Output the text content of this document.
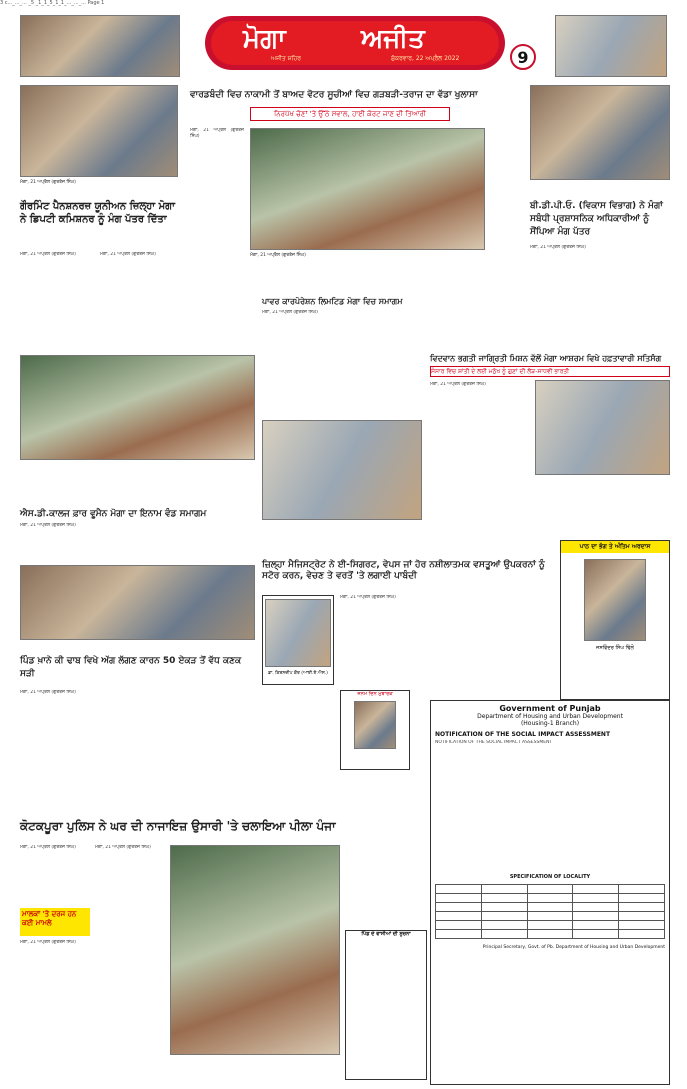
3 c..._..._... _5 _1_1_5_1_1_..._..._... Page 1
ਮੋਗਾ	ਅਜੀਤ
ਅਜੀਤ ਸ਼ਹਿਰ	ਸ਼ੁੱਕਰਵਾਰ, 22 ਅਪ੍ਰੈਲ 2022	9
ਵਾਰਡਬੰਦੀ ਵਿਚ ਨਾਕਾਮੀ ਤੋਂ ਬਾਅਦ ਵੋਟਰ ਸੂਚੀਆਂ ਵਿਚ ਗੜਬੜੀ-ਤਰਾਜ ਦਾ ਵੱਡਾ ਖੁਲਾਸਾ
ਨਿਰਪੱਖ ਚੋਣਾਂ 'ਤੇ ਉੱਠੇ ਸਵਾਲ, ਹਾਈ ਕੋਰਟ ਜਾਣ ਦੀ ਤਿਆਰੀ
ਮੋਗਾ, 21 ਅਪ੍ਰੈਲ (ਗੁਰਤੇਜ ਸਿੰਘ)
ਗੌਰਮਿੰਟ ਪੈਨਸ਼ਨਰਜ਼ ਯੂਨੀਅਨ ਜ਼ਿਲ੍ਹਾ ਮੋਗਾ ਨੇ ਡਿਪਟੀ ਕਮਿਸ਼ਨਰ ਨੂੰ ਮੰਗ ਪੱਤਰ ਦਿੱਤਾ
ਮੋਗਾ, 21 ਅਪ੍ਰੈਲ (ਗੁਰਤੇਜ ਸਿੰਘ)	ਮੋਗਾ, 21 ਅਪ੍ਰੈਲ (ਗੁਰਤੇਜ ਸਿੰਘ)
ਮੋਗਾ, 21 ਅਪ੍ਰੈਲ (ਗੁਰਤੇਜ ਸਿੰਘ)
ਮੋਗਾ, 21 ਅਪ੍ਰੈਲ (ਗੁਰਤੇਜ ਸਿੰਘ)
ਬੀ.ਡੀ.ਪੀ.ਓ. (ਵਿਕਾਸ ਵਿਭਾਗ) ਨੇ ਮੰਗਾਂ ਸਬੰਧੀ ਪ੍ਰਸ਼ਾਸਨਿਕ ਅਧਿਕਾਰੀਆਂ ਨੂੰ ਸੌਂਪਿਆ ਮੰਗ ਪੱਤਰ
ਮੋਗਾ, 21 ਅਪ੍ਰੈਲ (ਗੁਰਤੇਜ ਸਿੰਘ)
ਪਾਵਰ ਕਾਰਪੋਰੇਸ਼ਨ ਲਿਮਟਿਡ ਮੋਗਾ ਵਿਚ ਸਮਾਗਮ
ਮੋਗਾ, 21 ਅਪ੍ਰੈਲ (ਗੁਰਤੇਜ ਸਿੰਘ)
ਐਸ.ਡੀ.ਕਾਲਜ ਫ਼ਾਰ ਵੂਮੈਨ ਮੋਗਾ ਦਾ ਇਨਾਮ ਵੰਡ ਸਮਾਗਮ
ਮੋਗਾ, 21 ਅਪ੍ਰੈਲ (ਗੁਰਤੇਜ ਸਿੰਘ)
ਵਿਦਵਾਨ ਭਗਤੀ ਜਾਗ੍ਰਿਤੀ ਮਿਸ਼ਨ ਵੱਲੋਂ ਮੋਗਾ ਆਸ਼ਰਮ ਵਿਖੇ ਹਫ਼ਤਾਵਾਰੀ ਸਤਿਸੰਗ
ਸੰਸਾਰ ਵਿਚ ਸ਼ਾਂਤੀ ਦੇ ਲਈ ਮਨੁੱਖ ਨੂੰ ਗੁਣਾਂ ਦੀ ਲੋੜ-ਸਾਧਵੀ ਭਾਰਤੀ
ਮੋਗਾ, 21 ਅਪ੍ਰੈਲ (ਗੁਰਤੇਜ ਸਿੰਘ)
ਪਾਠ ਦਾ ਭੋਗ ਤੇ ਅੰਤਿਮ ਅਰਦਾਸ
ਜਸਵਿੰਦਰ ਸਿੰਘ ਢਿੱਲੋਂ
ਜ਼ਿਲ੍ਹਾ ਮੈਜਿਸਟ੍ਰੇਟ ਨੇ ਈ-ਸਿਗਰਟ, ਵੇਪਸ ਜਾਂ ਹੋਰ ਨਸ਼ੀਲਾਤਮਕ ਵਸਤੂਆਂ ਉਪਕਰਨਾਂ ਨੂੰ ਸਟੋਰ ਕਰਨ, ਵੇਚਣ ਤੇ ਵਰਤੋਂ 'ਤੇ ਲਗਾਈ ਪਾਬੰਦੀ
ਡਾ. ਕਿਰਨਦੀਪ ਕੌਰ (ਆਈ.ਏ.ਐਸ.)
ਮੋਗਾ, 21 ਅਪ੍ਰੈਲ (ਗੁਰਤੇਜ ਸਿੰਘ)
ਪਿੰਡ ਖ਼ਾਨੇ ਕੀ ਢਾਬ ਵਿਖੇ ਅੱਗ ਲੱਗਣ ਕਾਰਨ 50 ਏਕੜ ਤੋਂ ਵੱਧ ਕਣਕ ਸੜੀ
ਮੋਗਾ, 21 ਅਪ੍ਰੈਲ (ਗੁਰਤੇਜ ਸਿੰਘ)	ਜਨਮ ਦਿਨ ਮੁਬਾਰਕ
Government of Punjab
Department of Housing and Urban Development
(Housing-1 Branch)
NOTIFICATION OF THE SOCIAL IMPACT ASSESSMENT
NOTIFICATION OF THE SOCIAL IMPACT ASSESSMENT
SPECIFICATION OF LOCALITY

Principal Secretary, Govt. of Pb. Department of Housing and Urban Development
ਕੋਟਕਪੂਰਾ ਪੁਲਿਸ ਨੇ ਘਰ ਦੀ ਨਾਜਾਇਜ਼ ਉਸਾਰੀ 'ਤੇ ਚਲਾਇਆ ਪੀਲਾ ਪੰਜਾ
ਮੋਗਾ, 21 ਅਪ੍ਰੈਲ (ਗੁਰਤੇਜ ਸਿੰਘ)
ਮਾਲਕਾਂ 'ਤੇ ਦਰਜ ਹਨ ਕਈ ਮਾਮਲੇ
ਮੋਗਾ, 21 ਅਪ੍ਰੈਲ (ਗੁਰਤੇਜ ਸਿੰਘ)
ਮੋਗਾ, 21 ਅਪ੍ਰੈਲ (ਗੁਰਤੇਜ ਸਿੰਘ)
ਪਿੰਡ ਦੇ ਵਾਸੀਆਂ ਦੀ ਸੂਚਨਾ
